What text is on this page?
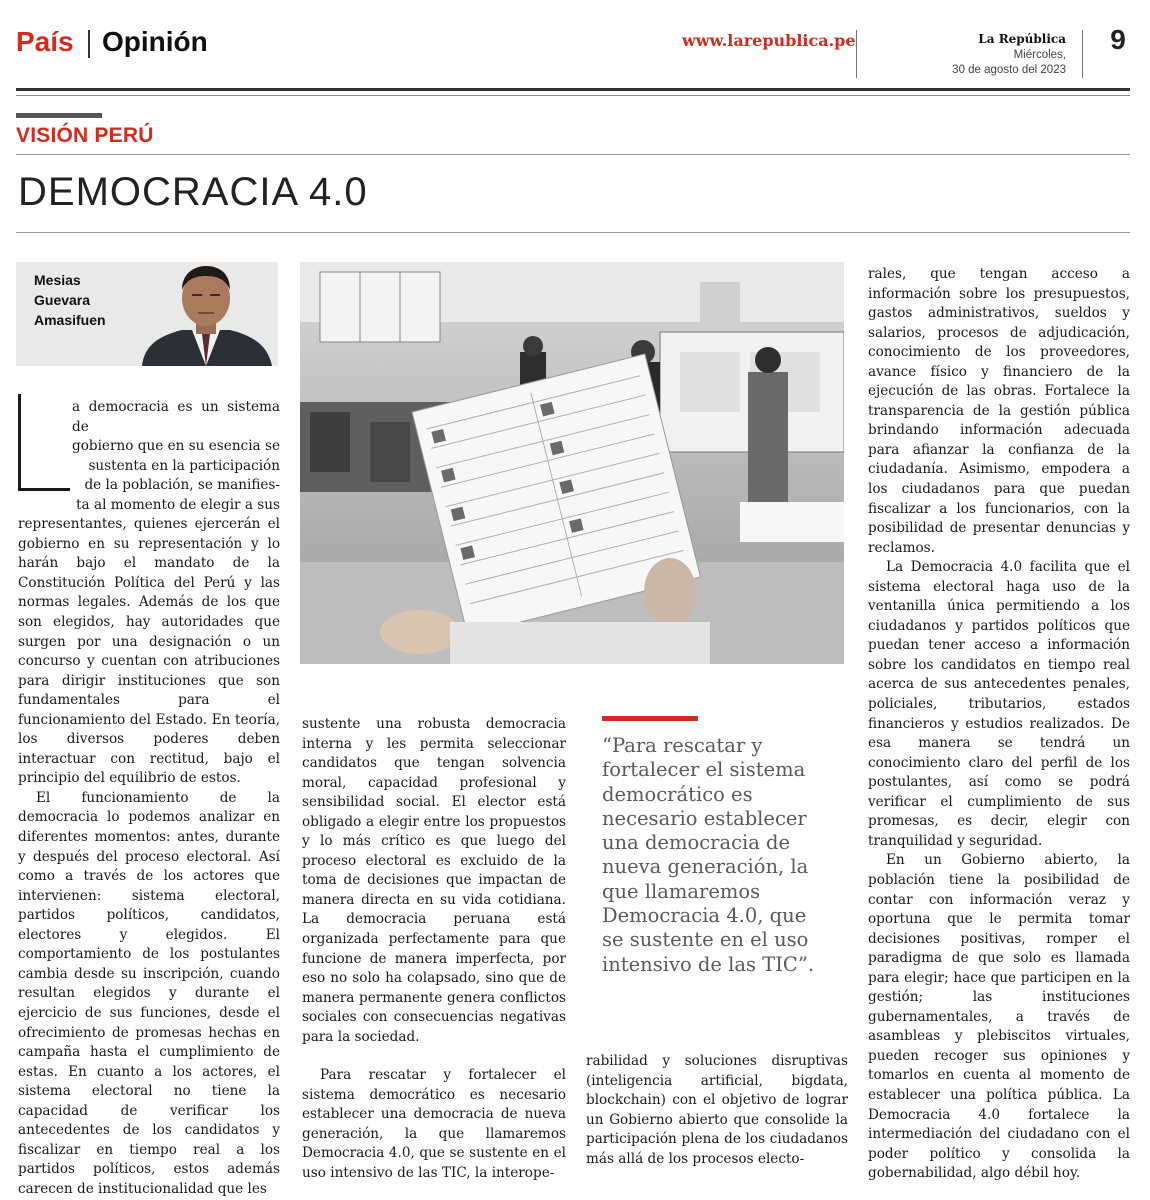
País Opinión	www.larepublica.pe	La República
Miércoles,
30 de agosto del 2023
9
VISIÓN PERÚ
DEMOCRACIA 4.0
Mesias
Guevara
Amasifuen
a democracia es un sistema de
gobierno que en su esencia se
sustenta en la participación
de la población, se manifies-
ta al momento de elegir a sus

representantes, quienes ejercerán el gobierno en su representación y lo harán bajo el mandato de la Constitución Política del Perú y las normas legales. Además de los que son elegidos, hay autoridades que surgen por una designación o un concurso y cuentan con atribuciones para dirigir instituciones que son fundamentales para el funcionamiento del Estado. En teoría, los diversos poderes deben interactuar con rectitud, bajo el principio del equilibrio de estos.

El funcionamiento de la democracia lo podemos analizar en diferentes momentos: antes, durante y después del proceso electoral. Así como a través de los actores que intervienen: sistema electoral, partidos políticos, candidatos, electores y elegidos. El comportamiento de los postulantes cambia desde su inscripción, cuando resultan elegidos y durante el ejercicio de sus funciones, desde el ofrecimiento de promesas hechas en campaña hasta el cumplimiento de estas. En cuanto a los actores, el sistema electoral no tiene la capacidad de verificar los antecedentes de los candidatos y fiscalizar en tiempo real a los partidos políticos, estos además carecen de institucionalidad que les

sustente una robusta democracia interna y les permita seleccionar candidatos que tengan solvencia moral, capacidad profesional y sensibilidad social. El elector está obligado a elegir entre los propuestos y lo más crítico es que luego del proceso electoral es excluido de la toma de decisiones que impactan de manera directa en su vida cotidiana. La democracia peruana está organizada perfectamente para que funcione de manera imperfecta, por eso no solo ha colapsado, sino que de manera permanente genera conflictos sociales con consecuencias negativas para la sociedad.

Para rescatar y fortalecer el sistema democrático es necesario establecer una democracia de nueva generación, la que llamaremos Democracia 4.0, que se sustente en el uso intensivo de las TIC, la interope-

“Para rescatar y fortalecer el sistema democrático es necesario establecer una democracia de nueva generación, la que llamaremos Democracia 4.0, que se sustente en el uso intensivo de las TIC”.

rabilidad y soluciones disruptivas (inteligencia artificial, bigdata, blockchain) con el objetivo de lograr un Gobierno abierto que consolide la participación plena de los ciudadanos más allá de los procesos electo-

rales, que tengan acceso a información sobre los presupuestos, gastos administrativos, sueldos y salarios, procesos de adjudicación, conocimiento de los proveedores, avance físico y financiero de la ejecución de las obras. Fortalece la transparencia de la gestión pública brindando información adecuada para afianzar la confianza de la ciudadanía. Asimismo, empodera a los ciudadanos para que puedan fiscalizar a los funcionarios, con la posibilidad de presentar denuncias y reclamos.

La Democracia 4.0 facilita que el sistema electoral haga uso de la ventanilla única permitiendo a los ciudadanos y partidos políticos que puedan tener acceso a información sobre los candidatos en tiempo real acerca de sus antecedentes penales, policiales, tributarios, estados financieros y estudios realizados. De esa manera se tendrá un conocimiento claro del perfil de los postulantes, así como se podrá verificar el cumplimiento de sus promesas, es decir, elegir con tranquilidad y seguridad.

En un Gobierno abierto, la población tiene la posibilidad de contar con información veraz y oportuna que le permita tomar decisiones positivas, romper el paradigma de que solo es llamada para elegir; hace que participen en la gestión; las instituciones gubernamentales, a través de asambleas y plebiscitos virtuales, pueden recoger sus opiniones y tomarlos en cuenta al momento de establecer una política pública. La Democracia 4.0 fortalece la intermediación del ciudadano con el poder político y consolida la gobernabilidad, algo débil hoy.
